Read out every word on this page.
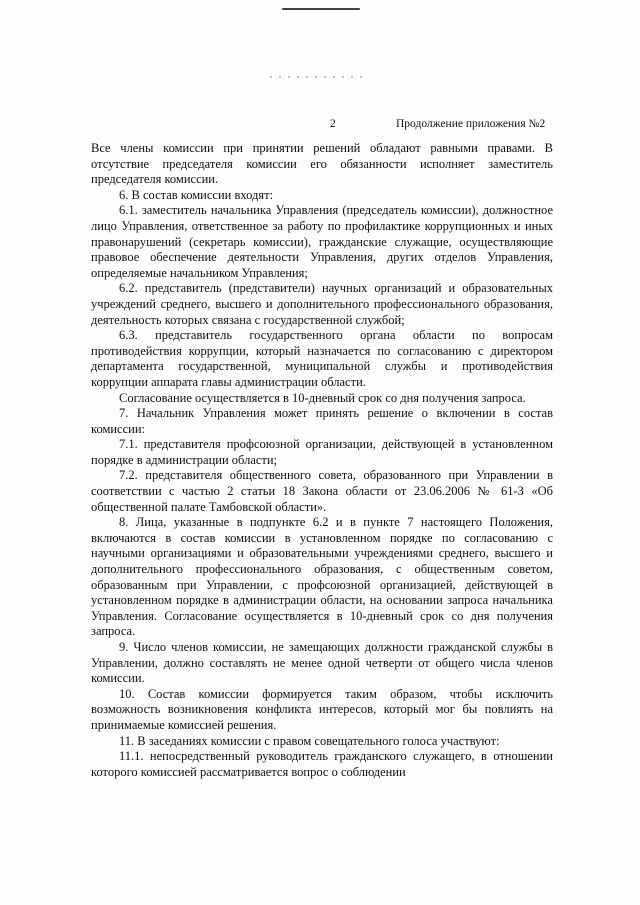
2	Продолжение приложения №2

Все члены комиссии при принятии решений обладают равными правами. В отсутствие председателя комиссии его обязанности исполняет заместитель председателя комиссии.

6. В состав комиссии входят:

6.1. заместитель начальника Управления (председатель комиссии), должностное лицо Управления, ответственное за работу по профилактике коррупционных и иных правонарушений (секретарь комиссии), гражданские служащие, осуществляющие правовое обеспечение деятельности Управления, других отделов Управления, определяемые начальником Управления;

6.2. представитель (представители) научных организаций и образовательных учреждений среднего, высшего и дополнительного профессионального образования, деятельность которых связана с государственной службой;

6.3. представитель государственного органа области по вопросам противодействия коррупции, который назначается по согласованию с директором департамента государственной, муниципальной службы и противодействия коррупции аппарата главы администрации области.

Согласование осуществляется в 10-дневный срок со дня получения запроса.

7. Начальник Управления может принять решение о включении в состав комиссии:

7.1. представителя профсоюзной организации, действующей в установленном порядке в администрации области;

7.2. представителя общественного совета, образованного при Управлении в соответствии с частью 2 статьи 18 Закона области от 23.06.2006 № 61-З «Об общественной палате Тамбовской области».

8. Лица, указанные в подпункте 6.2 и в пункте 7 настоящего Положения, включаются в состав комиссии в установленном порядке по согласованию с научными организациями и образовательными учреждениями среднего, высшего и дополнительного профессионального образования, с общественным советом, образованным при Управлении, с профсоюзной организацией, действующей в установленном порядке в администрации области, на основании запроса начальника Управления. Согласование осуществляется в 10-дневный срок со дня получения запроса.

9. Число членов комиссии, не замещающих должности гражданской службы в Управлении, должно составлять не менее одной четверти от общего числа членов комиссии.

10. Состав комиссии формируется таким образом, чтобы исключить возможность возникновения конфликта интересов, который мог бы повлиять на принимаемые комиссией решения.

11. В заседаниях комиссии с правом совещательного голоса участвуют:

11.1. непосредственный руководитель гражданского служащего, в отношении которого комиссией рассматривается вопрос о соблюдении
